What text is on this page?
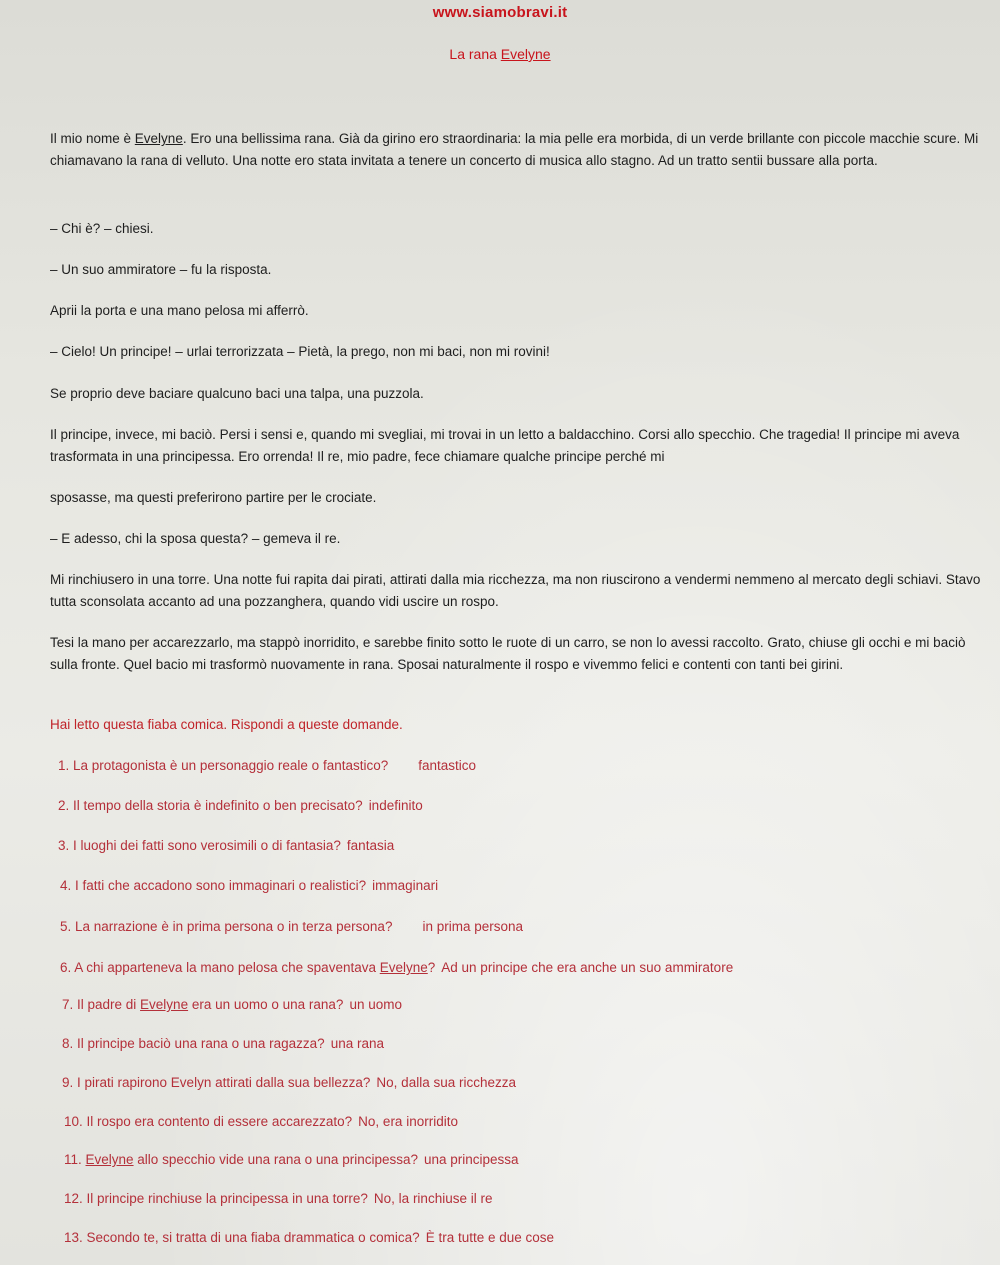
www.siamobravi.it
La rana Evelyne
Il mio nome è Evelyne. Ero una bellissima rana. Già da girino ero straordinaria: la mia pelle era morbida, di un verde brillante con piccole macchie scure. Mi chiamavano la rana di velluto. Una notte ero stata invitata a tenere un concerto di musica allo stagno. Ad un tratto sentii bussare alla porta.
– Chi è? – chiesi.
– Un suo ammiratore – fu la risposta.
Aprii la porta e una mano pelosa mi afferrò.
– Cielo! Un principe! – urlai terrorizzata – Pietà, la prego, non mi baci, non mi rovini!
Se proprio deve baciare qualcuno baci una talpa, una puzzola.
Il principe, invece, mi baciò. Persi i sensi e, quando mi svegliai, mi trovai in un letto a baldacchino. Corsi allo specchio. Che tragedia! Il principe mi aveva trasformata in una principessa. Ero orrenda! Il re, mio padre, fece chiamare qualche principe perché mi
sposasse, ma questi preferirono partire per le crociate.
– E adesso, chi la sposa questa? – gemeva il re.
Mi rinchiusero in una torre. Una notte fui rapita dai pirati, attirati dalla mia ricchezza, ma non riuscirono a vendermi nemmeno al mercato degli schiavi. Stavo tutta sconsolata accanto ad una pozzanghera, quando vidi uscire un rospo.
Tesi la mano per accarezzarlo, ma stappò inorridito, e sarebbe finito sotto le ruote di un carro, se non lo avessi raccolto. Grato, chiuse gli occhi e mi baciò sulla fronte. Quel bacio mi trasformò nuovamente in rana. Sposai naturalmente il rospo e vivemmo felici e contenti con tanti bei girini.
Hai letto questa fiaba comica. Rispondi a queste domande.
1. La protagonista è un personaggio reale o fantastico? fantastico
2. Il tempo della storia è indefinito o ben precisato? indefinito
3. I luoghi dei fatti sono verosimili o di fantasia? fantasia
4. I fatti che accadono sono immaginari o realistici? immaginari
5. La narrazione è in prima persona o in terza persona? in prima persona
6. A chi apparteneva la mano pelosa che spaventava Evelyne? Ad un principe che era anche un suo ammiratore
7. Il padre di Evelyne era un uomo o una rana? un uomo
8. Il principe baciò una rana o una ragazza? una rana
9. I pirati rapirono Evelyn attirati dalla sua bellezza? No, dalla sua ricchezza
10. Il rospo era contento di essere accarezzato? No, era inorridito
11. Evelyne allo specchio vide una rana o una principessa? una principessa
12. Il principe rinchiuse la principessa in una torre? No, la rinchiuse il re
13. Secondo te, si tratta di una fiaba drammatica o comica? È tra tutte e due cose
